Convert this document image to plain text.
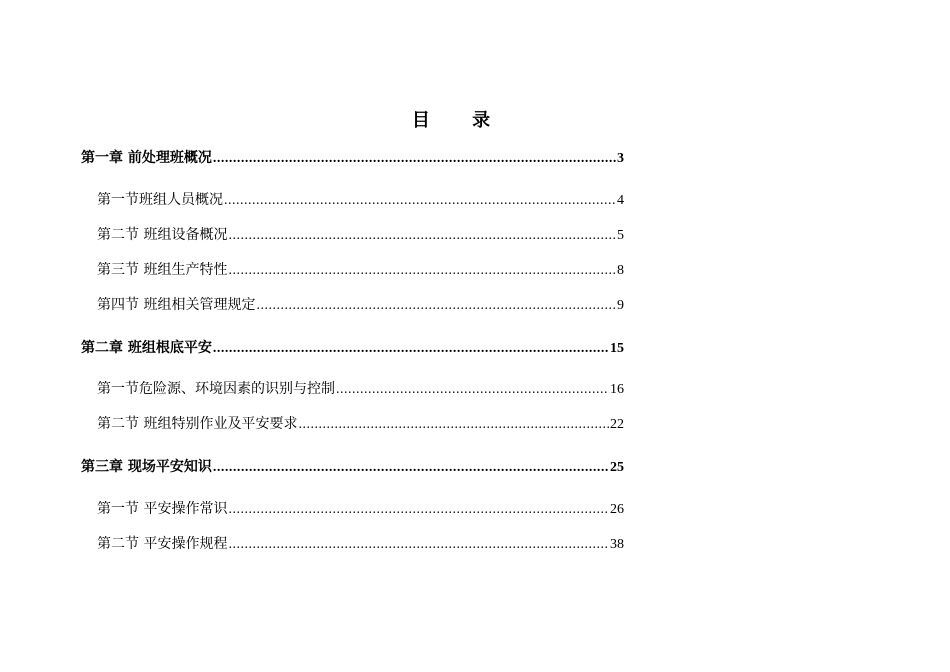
目 录
第一章 前处理班概况 .....	3
第一节班组人员概况 .....	4
第二节 班组设备概况 .....	5
第三节 班组生产特性 .....	8
第四节 班组相关管理规定 .....	9
第二章 班组根底平安 .....	15
第一节危险源、环境因素的识别与控制 .....	16
第二节 班组特别作业及平安要求 .....	22
第三章 现场平安知识 .....	25
第一节 平安操作常识 .....	26
第二节 平安操作规程 .....	38
